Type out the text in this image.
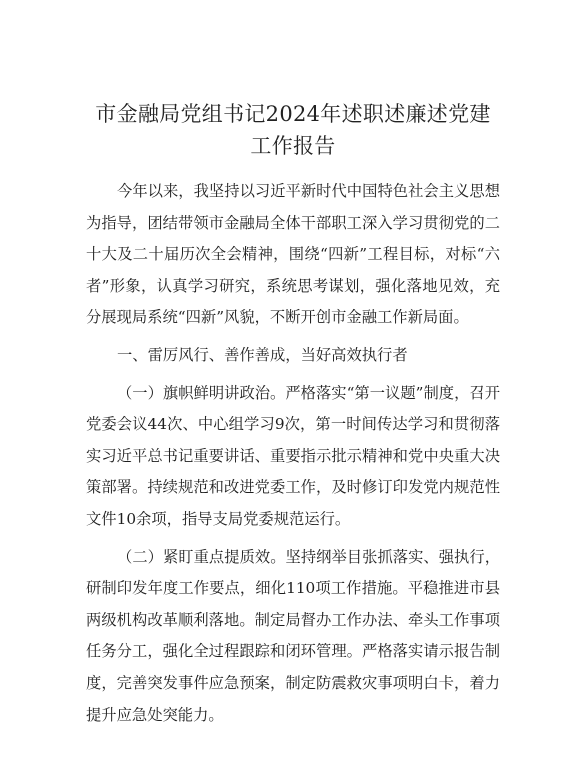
市金融局党组书记2024年述职述廉述党建工作报告

今年以来，我坚持以习近平新时代中国特色社会主义思想为指导，团结带领市金融局全体干部职工深入学习贯彻党的二十大及二十届历次全会精神，围绕“四新”工程目标，对标“六者”形象，认真学习研究，系统思考谋划，强化落地见效，充分展现局系统“四新”风貌，不断开创市金融工作新局面。

一、雷厉风行、善作善成，当好高效执行者

（一）旗帜鲜明讲政治。严格落实“第一议题”制度，召开党委会议44次、中心组学习9次，第一时间传达学习和贯彻落实习近平总书记重要讲话、重要指示批示精神和党中央重大决策部署。持续规范和改进党委工作，及时修订印发党内规范性文件10余项，指导支局党委规范运行。

（二）紧盯重点提质效。坚持纲举目张抓落实、强执行，研制印发年度工作要点，细化110项工作措施。平稳推进市县两级机构改革顺利落地。制定局督办工作办法、牵头工作事项任务分工，强化全过程跟踪和闭环管理。严格落实请示报告制度，完善突发事件应急预案，制定防震救灾事项明白卡，着力提升应急处突能力。
